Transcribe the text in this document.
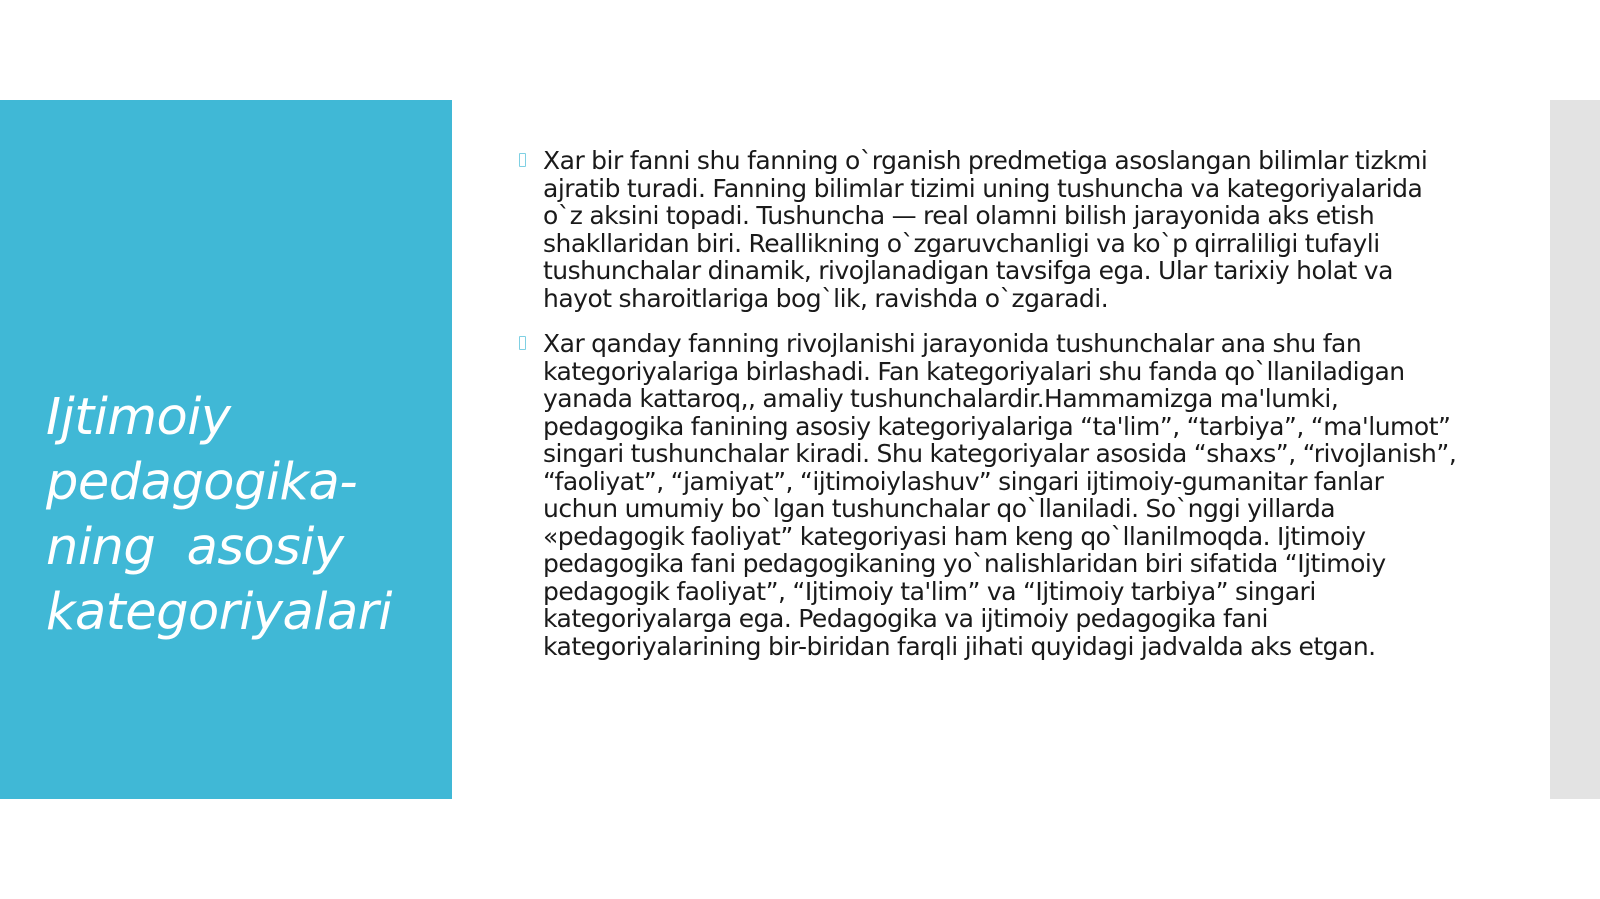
Ijtimoiy
pedagogika-
ning  asosiy
kategoriyalari

Xar bir fanni shu fanning o`rganish predmetiga asoslangan bilimlar tizkmi ajratib turadi. Fanning bilimlar tizimi uning tushuncha va kategoriyalarida o`z aksini topadi. Tushuncha — real olamni bilish jarayonida aks etish shakllaridan biri. Reallikning o`zgaruvchanligi va ko`p qirraliligi tufayli tushunchalar dinamik, rivojlanadigan tavsifga ega. Ular tarixiy holat va hayot sharoitlariga bog`lik, ravishda o`zgaradi.

Xar qanday fanning rivojlanishi jarayonida tushunchalar ana shu fan kategoriyalariga birlashadi. Fan kategoriyalari shu fanda qo`llaniladigan yanada kattaroq,, amaliy tushunchalardir.Hammamizga ma'lumki, pedagogika fanining asosiy kategoriyalariga “ta'lim”, “tarbiya”, “ma'lumot” singari tushunchalar kiradi. Shu kategoriyalar asosida “shaxs”, “rivojlanish”, “faoliyat”, “jamiyat”, “ijtimoiylashuv” singari ijtimoiy-gumanitar fanlar uchun umumiy bo`lgan tushunchalar qo`llaniladi. So`nggi yillarda «pedagogik faoliyat” kategoriyasi ham keng qo`llanilmoqda. Ijtimoiy pedagogika fani pedagogikaning yo`nalishlaridan biri sifatida “Ijtimoiy pedagogik faoliyat”, “Ijtimoiy ta'lim” va “Ijtimoiy tarbiya” singari kategoriyalarga ega. Pedagogika va ijtimoiy pedagogika fani kategoriyalarining bir-biridan farqli jihati quyidagi jadvalda aks etgan.
